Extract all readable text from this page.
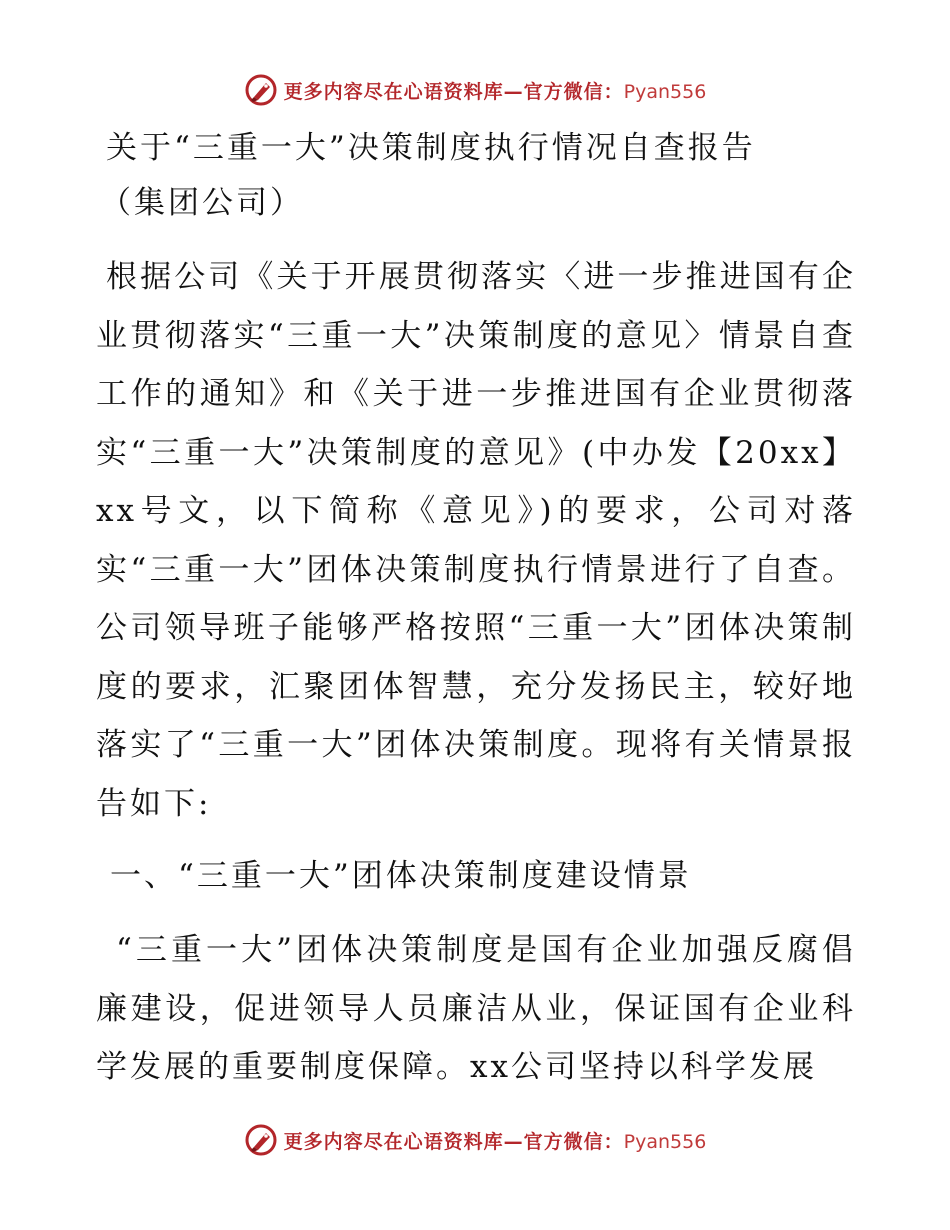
更多内容尽在心语资料库—官方微信：Pyan556

关于“三重一大”决策制度执行情况自查报告

（集团公司）

根据公司《关于开展贯彻落实〈进一步推进国有企业贯彻落实“三重一大”决策制度的意见〉情景自查工作的通知》和《关于进一步推进国有企业贯彻落实“三重一大”决策制度的意见》(中办发【20xx】xx号文，以下简称《意见》)的要求，公司对落实“三重一大”团体决策制度执行情景进行了自查。公司领导班子能够严格按照“三重一大”团体决策制度的要求，汇聚团体智慧，充分发扬民主，较好地落实了“三重一大”团体决策制度。现将有关情景报告如下:

一、“三重一大”团体决策制度建设情景

“三重一大”团体决策制度是国有企业加强反腐倡廉建设，促进领导人员廉洁从业，保证国有企业科学发展的重要制度保障。xx公司坚持以科学发展

更多内容尽在心语资料库—官方微信：Pyan556
